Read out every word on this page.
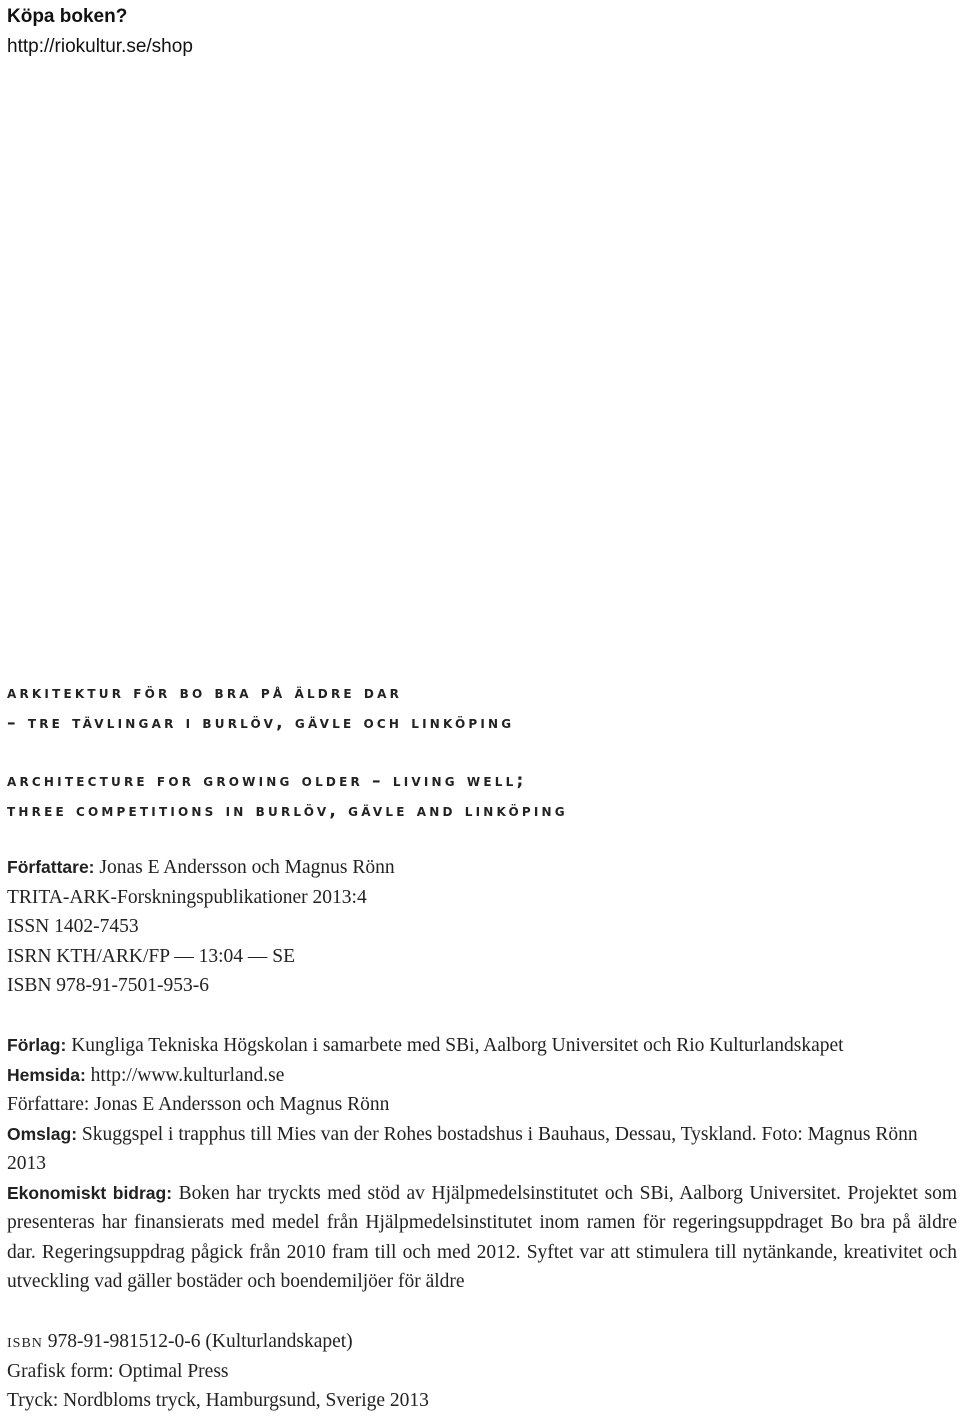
Köpa boken?
http://riokultur.se/shop
arkitektur för bo bra på äldre dar
– tre tävlingar i burlöv, gävle och linköping
architecture for growing older – living well;
three competitions in burlöv, gävle and linköping
Författare: Jonas E Andersson och Magnus Rönn
TRITA-ARK-Forskningspublikationer 2013:4
ISSN 1402-7453
ISRN KTH/ARK/FP — 13:04 — SE
ISBN 978-91-7501-953-6
Förlag: Kungliga Tekniska Högskolan i samarbete med SBi, Aalborg Universitet och Rio Kulturlandskapet
Hemsida: http://www.kulturland.se
Författare: Jonas E Andersson och Magnus Rönn
Omslag: Skuggspel i trapphus till Mies van der Rohes bostadshus i Bauhaus, Dessau, Tyskland. Foto: Magnus Rönn
2013
Ekonomiskt bidrag: Boken har tryckts med stöd av Hjälpmedelsinstitutet och SBi, Aalborg Universitet. Projektet som presenteras har finansierats med medel från Hjälpmedelsinstitutet inom ramen för regeringsuppdraget Bo bra på äldre dar. Regeringsuppdrag pågick från 2010 fram till och med 2012. Syftet var att stimulera till nytänkande, kreativitet och utveckling vad gäller bostäder och boendemiljöer för äldre
isbn 978-91-981512-0-6 (Kulturlandskapet)
Grafisk form: Optimal Press
Tryck: Nordbloms tryck, Hamburgsund, Sverige 2013
